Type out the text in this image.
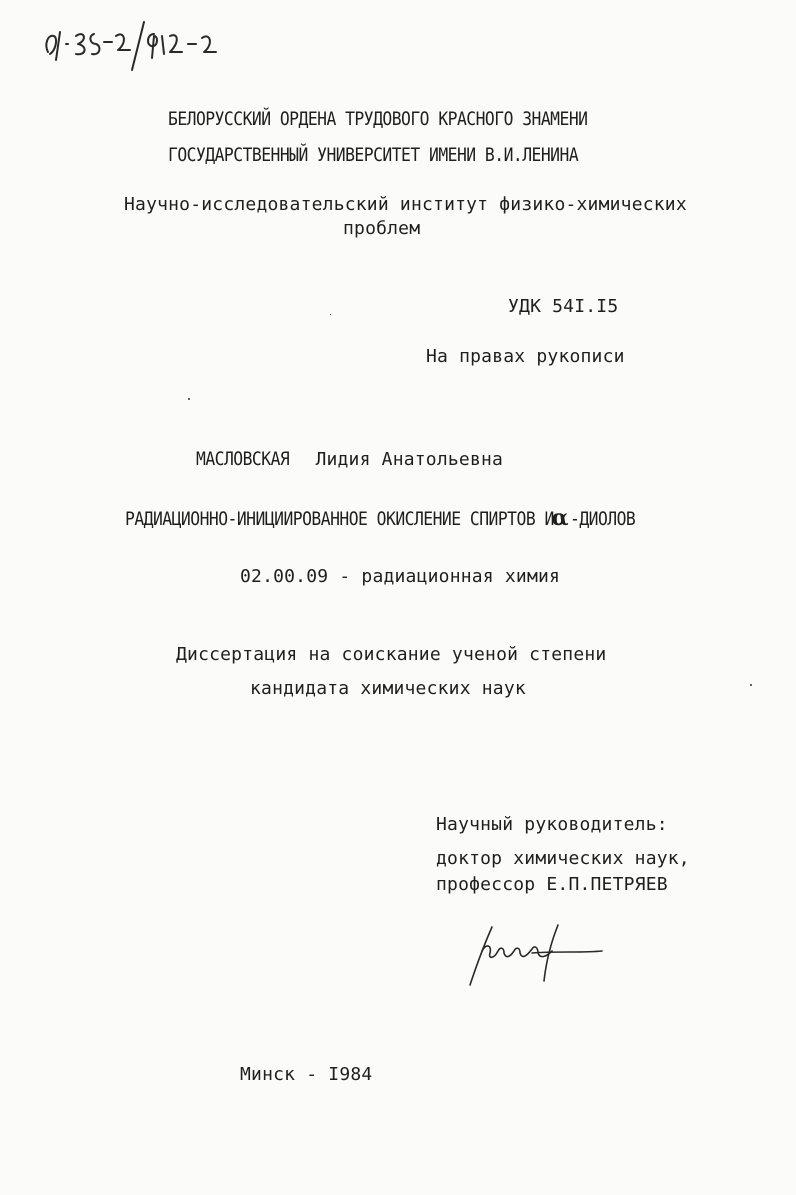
БЕЛОРУССКИЙ ОРДЕНА ТРУДОВОГО КРАСНОГО ЗНАМЕНИ
ГОСУДАРСТВЕННЫЙ УНИВЕРСИТЕТ ИМЕНИ В.И.ЛЕНИНА
Научно-исследовательский институт физико-химических
проблем
УДК 54I.I5
На правах рукописи
МАСЛОВСКАЯ Лидия Анатольевна
РАДИАЦИОННО-ИНИЦИИРОВАННОЕ ОКИСЛЕНИЕ СПИРТОВ Иα -ДИОЛОВ
02.00.09 - радиационная химия
Диссертация на соискание ученой степени
кандидата химических наук
Научный руководитель:
доктор химических наук,
профессор Е.П.ПЕТРЯЕВ
Минск - I984
